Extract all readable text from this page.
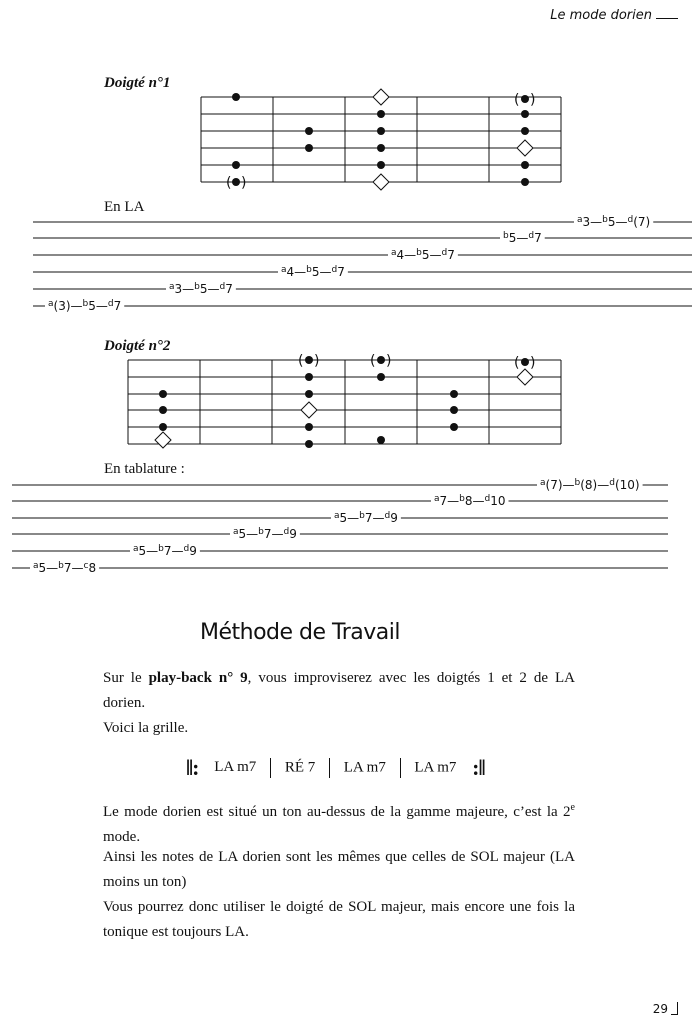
Le mode dorien
Doigté n°1
( )
( )
( )	( )	( )
$^a$3—$^b$5—$^d$(7)
$^b$5—$^d$7
$^a$4—$^b$5—$^d$7
$^a$4—$^b$5—$^d$7
$^a$3—$^b$5—$^d$7
$^a$(3)—$^b$5—$^d$7
$^a$(7)—$^b$(8)—$^d$(10)
$^a$7—$^b$8—$^d$10
$^a$5—$^b$7—$^d$9
$^a$5—$^b$7—$^d$9
$^a$5—$^b$7—$^d$9
$^a$5—$^b$7—$^c$8
En LA
Doigté n°2
En tablature :
Méthode de Travail
Sur le play-back n° 9, vous improviserez avec les doigtés 1 et 2 de LA dorien.
Voici la grille.
‖: LA m7 RÉ 7 LA m7 LA m7 :‖
Le mode dorien est situé un ton au-dessus de la gamme majeure, c’est la 2e mode.
Ainsi les notes de LA dorien sont les mêmes que celles de SOL majeur (LA moins un ton)
Vous pourrez donc utiliser le doigté de SOL majeur, mais encore une fois la tonique est toujours LA.
29
